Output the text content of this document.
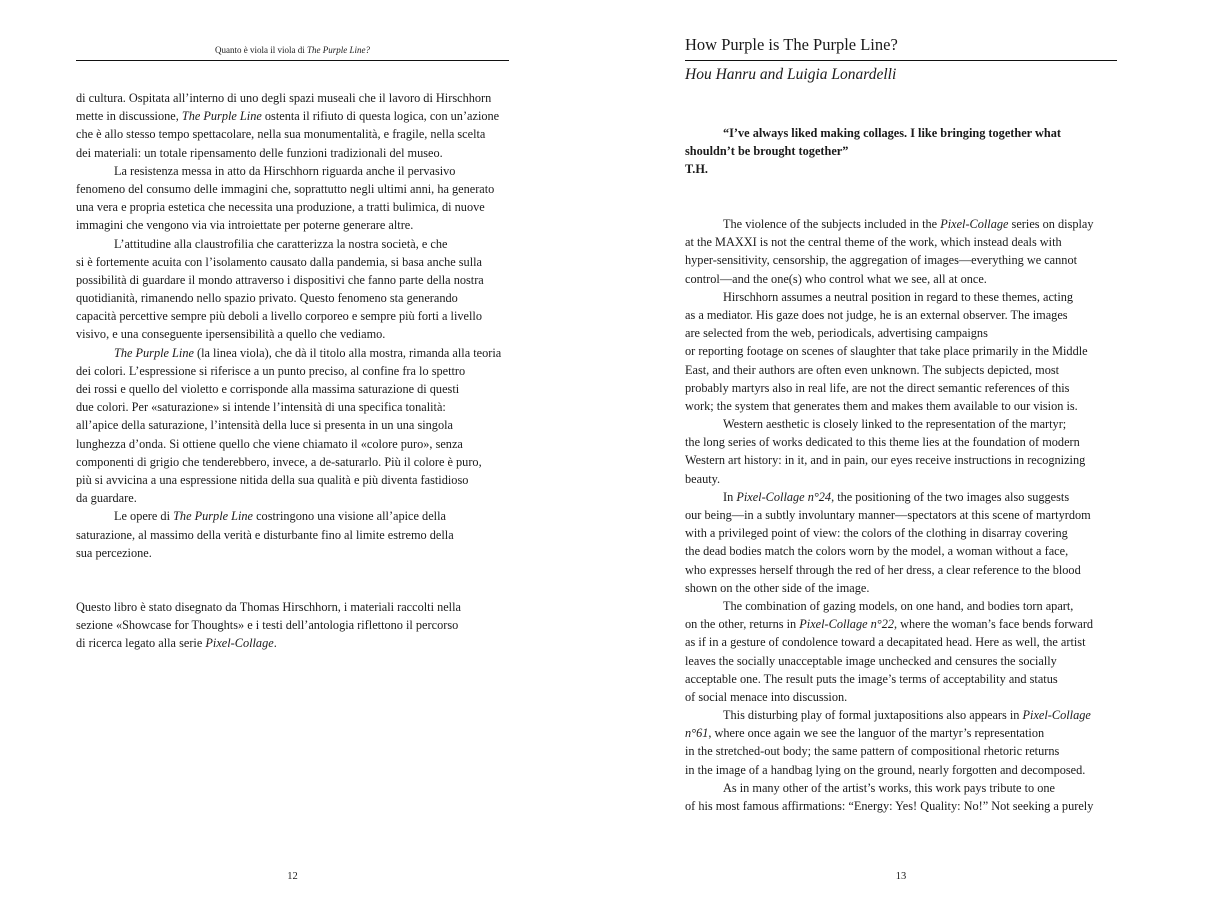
Quanto è viola il viola di The Purple Line?
di cultura. Ospitata all’interno di uno degli spazi museali che il lavoro di Hirschhorn
mette in discussione, The Purple Line ostenta il rifiuto di questa logica, con un’azione
che è allo stesso tempo spettacolare, nella sua monumentalità, e fragile, nella scelta
dei materiali: un totale ripensamento delle funzioni tradizionali del museo.
La resistenza messa in atto da Hirschhorn riguarda anche il pervasivo
fenomeno del consumo delle immagini che, soprattutto negli ultimi anni, ha generato
una vera e propria estetica che necessita una produzione, a tratti bulimica, di nuove
immagini che vengono via via introiettate per poterne generare altre.
L’attitudine alla claustrofilia che caratterizza la nostra società, e che
si è fortemente acuita con l’isolamento causato dalla pandemia, si basa anche sulla
possibilità di guardare il mondo attraverso i dispositivi che fanno parte della nostra
quotidianità, rimanendo nello spazio privato. Questo fenomeno sta generando
capacità percettive sempre più deboli a livello corporeo e sempre più forti a livello
visivo, e una conseguente ipersensibilità a quello che vediamo.
The Purple Line (la linea viola), che dà il titolo alla mostra, rimanda alla teoria
dei colori. L’espressione si riferisce a un punto preciso, al confine fra lo spettro
dei rossi e quello del violetto e corrisponde alla massima saturazione di questi
due colori. Per «saturazione» si intende l’intensità di una specifica tonalità:
all’apice della saturazione, l’intensità della luce si presenta in un una singola
lunghezza d’onda. Si ottiene quello che viene chiamato il «colore puro», senza
componenti di grigio che tenderebbero, invece, a de-saturarlo. Più il colore è puro,
più si avvicina a una espressione nitida della sua qualità e più diventa fastidioso
da guardare.
Le opere di The Purple Line costringono una visione all’apice della
saturazione, al massimo della verità e disturbante fino al limite estremo della
sua percezione.
Questo libro è stato disegnato da Thomas Hirschhorn, i materiali raccolti nella
sezione «Showcase for Thoughts» e i testi dell’antologia riflettono il percorso
di ricerca legato alla serie Pixel-Collage.
12
How Purple is The Purple Line?
Hou Hanru and Luigia Lonardelli
“I’ve always liked making collages. I like bringing together what
shouldn’t be brought together”
T.H.
The violence of the subjects included in the Pixel-Collage series on display
at the MAXXI is not the central theme of the work, which instead deals with
hyper-sensitivity, censorship, the aggregation of images—everything we cannot
control—and the one(s) who control what we see, all at once.
Hirschhorn assumes a neutral position in regard to these themes, acting
as a mediator. His gaze does not judge, he is an external observer. The images
are selected from the web, periodicals, advertising campaigns
or reporting footage on scenes of slaughter that take place primarily in the Middle
East, and their authors are often even unknown. The subjects depicted, most
probably martyrs also in real life, are not the direct semantic references of this
work; the system that generates them and makes them available to our vision is.
Western aesthetic is closely linked to the representation of the martyr;
the long series of works dedicated to this theme lies at the foundation of modern
Western art history: in it, and in pain, our eyes receive instructions in recognizing
beauty.
In Pixel-Collage n°24, the positioning of the two images also suggests
our being—in a subtly involuntary manner—spectators at this scene of martyrdom
with a privileged point of view: the colors of the clothing in disarray covering
the dead bodies match the colors worn by the model, a woman without a face,
who expresses herself through the red of her dress, a clear reference to the blood
shown on the other side of the image.
The combination of gazing models, on one hand, and bodies torn apart,
on the other, returns in Pixel-Collage n°22, where the woman’s face bends forward
as if in a gesture of condolence toward a decapitated head. Here as well, the artist
leaves the socially unacceptable image unchecked and censures the socially
acceptable one. The result puts the image’s terms of acceptability and status
of social menace into discussion.
This disturbing play of formal juxtapositions also appears in Pixel-Collage
n°61, where once again we see the languor of the martyr’s representation
in the stretched-out body; the same pattern of compositional rhetoric returns
in the image of a handbag lying on the ground, nearly forgotten and decomposed.
As in many other of the artist’s works, this work pays tribute to one
of his most famous affirmations: “Energy: Yes! Quality: No!” Not seeking a purely
13
